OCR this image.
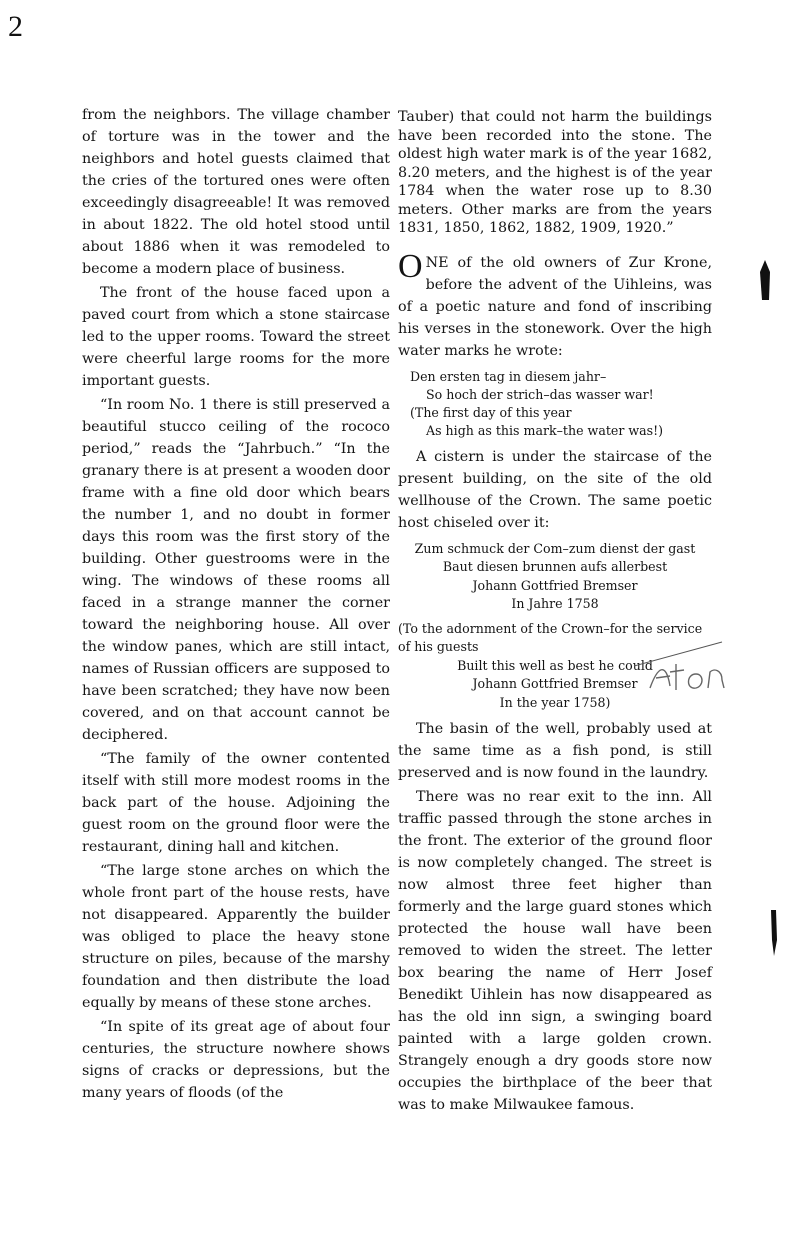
2

from the neighbors. The village chamber of torture was in the tower and the neighbors and hotel guests claimed that the cries of the tortured ones were often exceedingly disagreeable! It was removed in about 1822. The old hotel stood until about 1886 when it was remodeled to become a modern place of business.

The front of the house faced upon a paved court from which a stone staircase led to the upper rooms. Toward the street were cheerful large rooms for the more important guests.

“In room No. 1 there is still preserved a beautiful stucco ceiling of the rococo period,” reads the “Jahrbuch.” “In the granary there is at present a wooden door frame with a fine old door which bears the number 1, and no doubt in former days this room was the first story of the building. Other guestrooms were in the wing. The windows of these rooms all faced in a strange manner the corner toward the neighboring house. All over the window panes, which are still intact, names of Russian officers are supposed to have been scratched; they have now been covered, and on that account cannot be deciphered.

“The family of the owner contented itself with still more modest rooms in the back part of the house. Adjoining the guest room on the ground floor were the restaurant, dining hall and kitchen.

“The large stone arches on which the whole front part of the house rests, have not disappeared. Apparently the builder was obliged to place the heavy stone structure on piles, because of the marshy foundation and then distribute the load equally by means of these stone arches.

“In spite of its great age of about four centuries, the structure nowhere shows signs of cracks or depressions, but the many years of floods (of the

Tauber) that could not harm the buildings have been recorded into the stone. The oldest high water mark is of the year 1682, 8.20 meters, and the highest is of the year 1784 when the water rose up to 8.30 meters. Other marks are from the years 1831, 1850, 1862, 1882, 1909, 1920.”

ONE of the old owners of Zur Krone, before the advent of the Uihleins, was of a poetic nature and fond of inscribing his verses in the stonework. Over the high water marks he wrote:

Den ersten tag in diesem jahr–
So hoch der strich–das wasser war!
(The first day of this year
As high as this mark–the water was!)

A cistern is under the staircase of the present building, on the site of the old wellhouse of the Crown. The same poetic host chiseled over it:

Zum schmuck der Com–zum dienst der gast
Baut diesen brunnen aufs allerbest
Johann Gottfried Bremser
In Jahre 1758
(To the adornment of the Crown–for the service of his guests
Built this well as best he could
Johann Gottfried Bremser
In the year 1758)

The basin of the well, probably used at the same time as a fish pond, is still preserved and is now found in the laundry.

There was no rear exit to the inn. All traffic passed through the stone arches in the front. The exterior of the ground floor is now completely changed. The street is now almost three feet higher than formerly and the large guard stones which protected the house wall have been removed to widen the street. The letter box bearing the name of Herr Josef Benedikt Uihlein has now disappeared as has the old inn sign, a swinging board painted with a large golden crown. Strangely enough a dry goods store now occupies the birthplace of the beer that was to make Milwaukee famous.
